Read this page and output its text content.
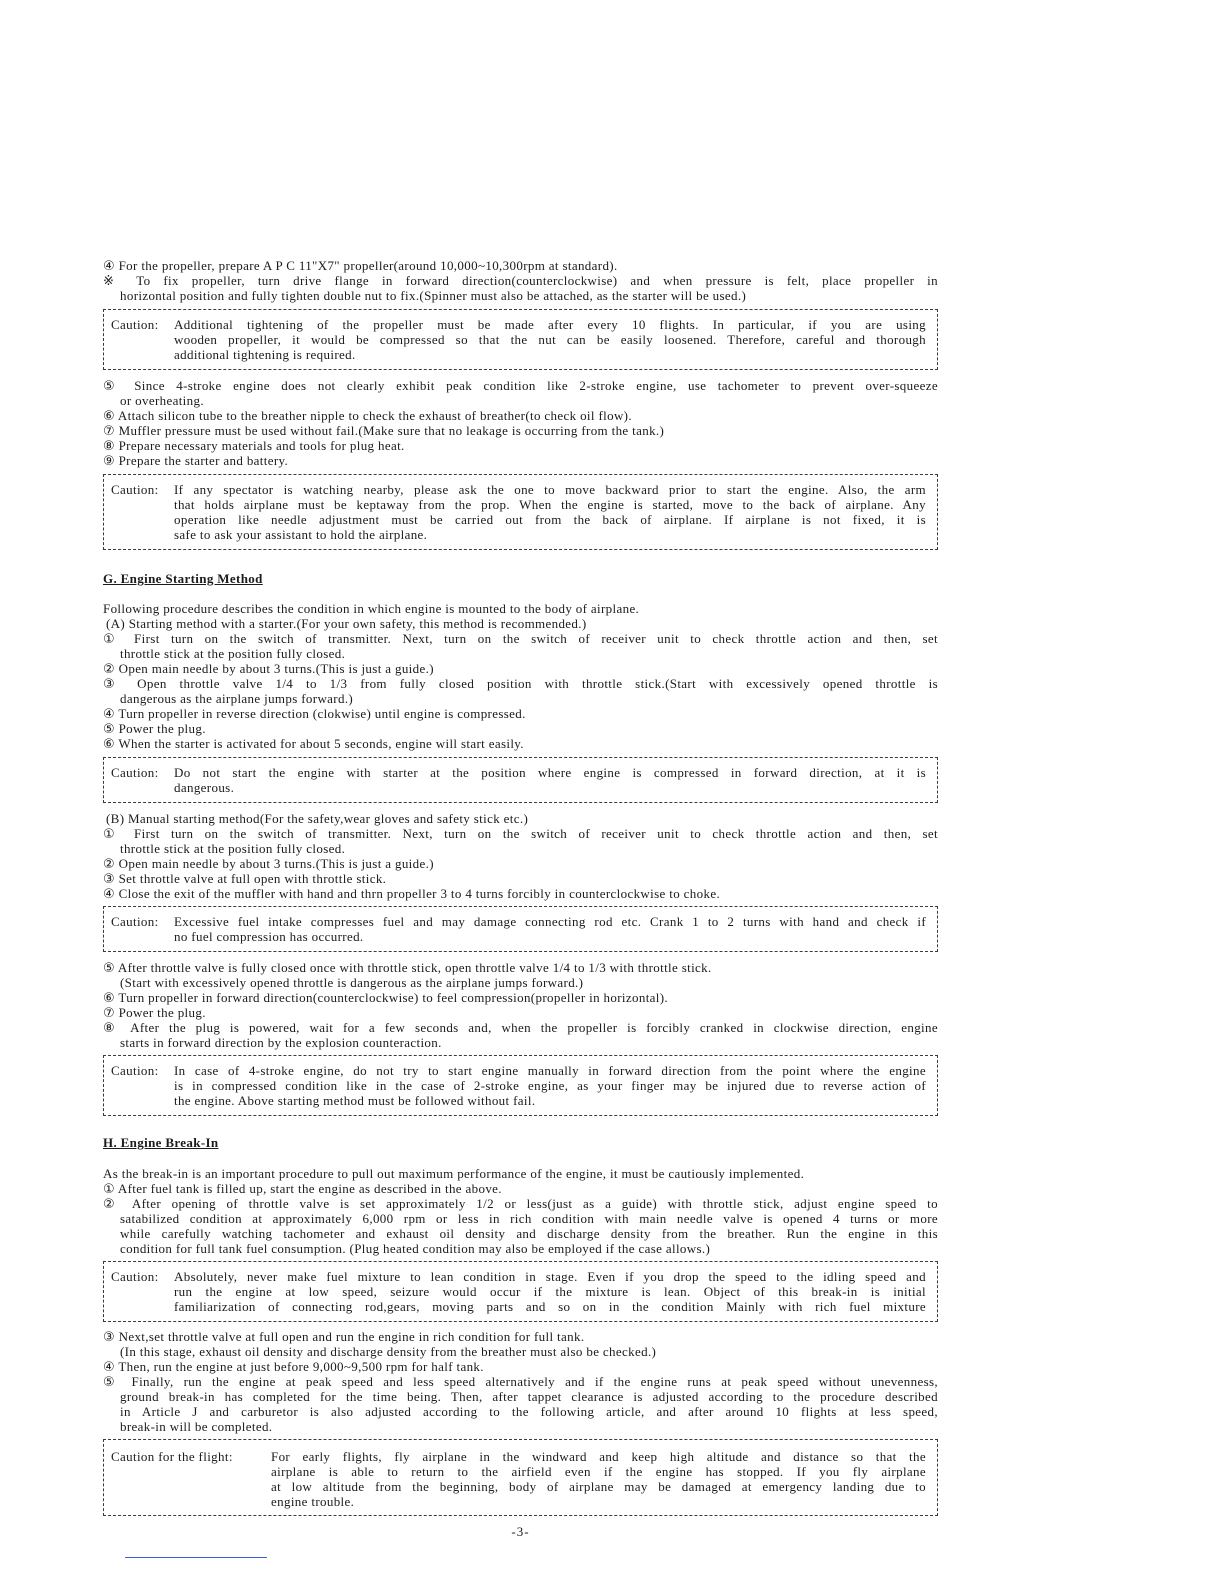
④ For the propeller, prepare A P C 11"X7" propeller(around 10,000~10,300rpm at standard).
※ To fix propeller, turn drive flange in forward direction(counterclockwise) and when pressure is felt, place propeller in
horizontal position and fully tighten double nut to fix.(Spinner must also be attached, as the starter will be used.)
Caution:	Additional tightening of the propeller must be made after every 10 flights. In particular, if you are using
wooden propeller, it would be compressed so that the nut can be easily loosened. Therefore, careful and thorough
additional tightening is required.
⑤ Since 4-stroke engine does not clearly exhibit peak condition like 2-stroke engine, use tachometer to prevent over-squeeze
or overheating.
⑥ Attach silicon tube to the breather nipple to check the exhaust of breather(to check oil flow).
⑦ Muffler pressure must be used without fail.(Make sure that no leakage is occurring from the tank.)
⑧ Prepare necessary materials and tools for plug heat.
⑨ Prepare the starter and battery.
Caution:	If any spectator is watching nearby, please ask the one to move backward prior to start the engine. Also, the arm
that holds airplane must be keptaway from the prop. When the engine is started, move to the back of airplane. Any
operation like needle adjustment must be carried out from the back of airplane. If airplane is not fixed, it is
safe to ask your assistant to hold the airplane.
G. Engine Starting Method
Following procedure describes the condition in which engine is mounted to the body of airplane.
(A) Starting method with a starter.(For your own safety, this method is recommended.)
① First turn on the switch of transmitter. Next, turn on the switch of receiver unit to check throttle action and then, set
throttle stick at the position fully closed.
② Open main needle by about 3 turns.(This is just a guide.)
③ Open throttle valve 1/4 to 1/3 from fully closed position with throttle stick.(Start with excessively opened throttle is
dangerous as the airplane jumps forward.)
④ Turn propeller in reverse direction (clokwise) until engine is compressed.
⑤ Power the plug.
⑥ When the starter is activated for about 5 seconds, engine will start easily.
Caution:	Do not start the engine with starter at the position where engine is compressed in forward direction, at it is
dangerous.
(B) Manual starting method(For the safety,wear gloves and safety stick etc.)
① First turn on the switch of transmitter. Next, turn on the switch of receiver unit to check throttle action and then, set
throttle stick at the position fully closed.
② Open main needle by about 3 turns.(This is just a guide.)
③ Set throttle valve at full open with throttle stick.
④ Close the exit of the muffler with hand and thrn propeller 3 to 4 turns forcibly in counterclockwise to choke.
Caution:	Excessive fuel intake compresses fuel and may damage connecting rod etc. Crank 1 to 2 turns with hand and check if
no fuel compression has occurred.
⑤ After throttle valve is fully closed once with throttle stick, open throttle valve 1/4 to 1/3 with throttle stick.
(Start with excessively opened throttle is dangerous as the airplane jumps forward.)
⑥ Turn propeller in forward direction(counterclockwise) to feel compression(propeller in horizontal).
⑦ Power the plug.
⑧ After the plug is powered, wait for a few seconds and, when the propeller is forcibly cranked in clockwise direction, engine
starts in forward direction by the explosion counteraction.
Caution:	In case of 4-stroke engine, do not try to start engine manually in forward direction from the point where the engine
is in compressed condition like in the case of 2-stroke engine, as your finger may be injured due to reverse action of
the engine. Above starting method must be followed without fail.
H. Engine Break-In
As the break-in is an important procedure to pull out maximum performance of the engine, it must be cautiously implemented.
① After fuel tank is filled up, start the engine as described in the above.
② After opening of throttle valve is set approximately 1/2 or less(just as a guide) with throttle stick, adjust engine speed to
satabilized condition at approximately 6,000 rpm or less in rich condition with main needle valve is opened 4 turns or more
while carefully watching tachometer and exhaust oil density and discharge density from the breather. Run the engine in this
condition for full tank fuel consumption. (Plug heated condition may also be employed if the case allows.)
Caution:	Absolutely, never make fuel mixture to lean condition in stage. Even if you drop the speed to the idling speed and
run the engine at low speed, seizure would occur if the mixture is lean. Object of this break-in is initial
familiarization of connecting rod,gears, moving parts and so on in the condition Mainly with rich fuel mixture
③ Next,set throttle valve at full open and run the engine in rich condition for full tank.
(In this stage, exhaust oil density and discharge density from the breather must also be checked.)
④ Then, run the engine at just before 9,000~9,500 rpm for half tank.
⑤ Finally, run the engine at peak speed and less speed alternatively and if the engine runs at peak speed without unevenness,
ground break-in has completed for the time being. Then, after tappet clearance is adjusted according to the procedure described
in Article J and carburetor is also adjusted according to the following article, and after around 10 flights at less speed,
break-in will be completed.
Caution for the flight:	For early flights, fly airplane in the windward and keep high altitude and distance so that the
airplane is able to return to the airfield even if the engine has stopped. If you fly airplane
at low altitude from the beginning, body of airplane may be damaged at emergency landing due to
engine trouble.
-3-
